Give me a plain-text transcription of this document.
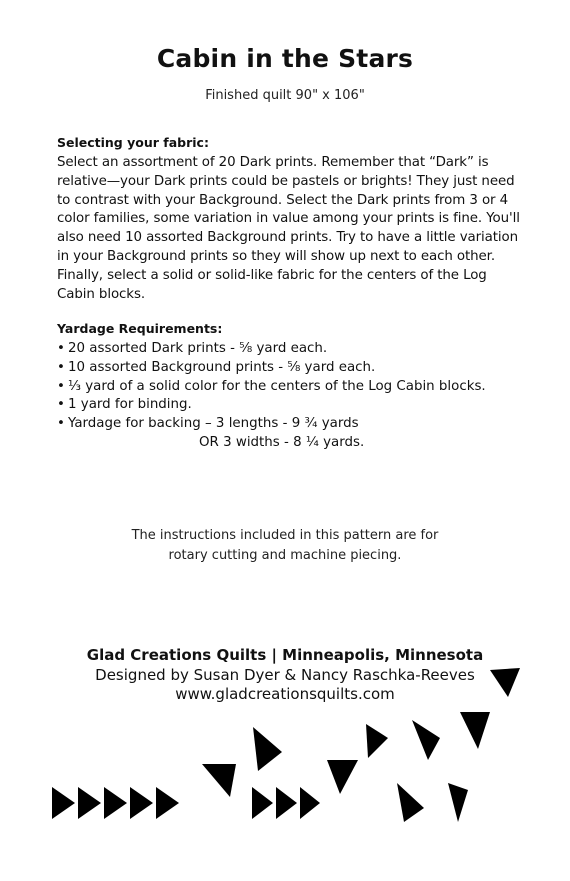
Cabin in the Stars
Finished quilt 90" x 106"
Selecting your fabric:

Select an assortment of 20 Dark prints. Remember that “Dark” is relative—your Dark prints could be pastels or brights! They just need to contrast with your Background. Select the Dark prints from 3 or 4 color families, some variation in value among your prints is fine. You'll also need 10 assorted Background prints. Try to have a little variation in your Background prints so they will show up next to each other. Finally, select a solid or solid-like fabric for the centers of the Log Cabin blocks.

Yardage Requirements:
• 20 assorted Dark prints - ⅝ yard each.
• 10 assorted Background prints - ⅝ yard each.
• ⅓ yard of a solid color for the centers of the Log Cabin blocks.
• 1 yard for binding.
• Yardage for backing – 3 lengths - 9 ¾ yards
OR 3 widths - 8 ¼ yards.
The instructions included in this pattern are for
rotary cutting and machine piecing.
Glad Creations Quilts | Minneapolis, Minnesota
Designed by Susan Dyer & Nancy Raschka-Reeves
www.gladcreationsquilts.com
